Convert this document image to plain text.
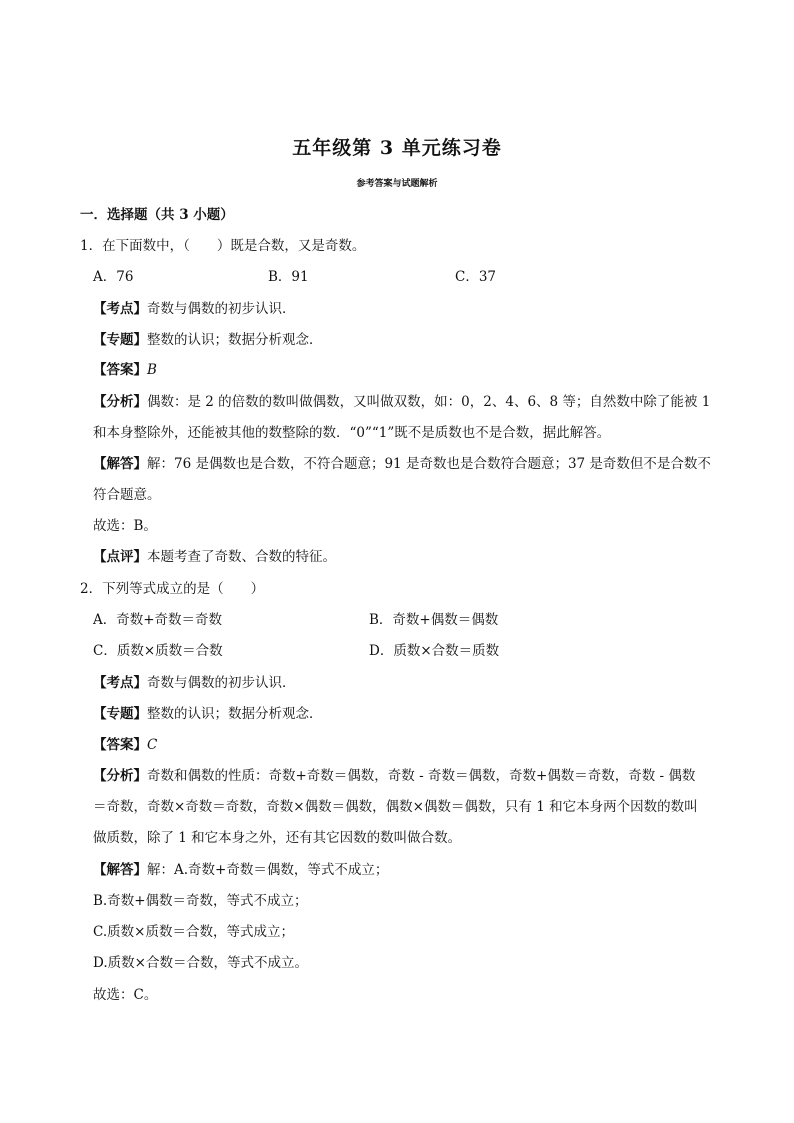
五年级第 3 单元练习卷
参考答案与试题解析
一．选择题（共 3 小题）
1．在下面数中，（　　）既是合数，又是奇数。
A．76	B．91	C．37
【考点】奇数与偶数的初步认识．
【专题】整数的认识；数据分析观念．
【答案】B
【分析】偶数：是 2 的倍数的数叫做偶数，又叫做双数，如：0，2、4、6、8 等；自然数中除了能被 1
和本身整除外，还能被其他的数整除的数．“0”“1”既不是质数也不是合数，据此解答。
【解答】解：76 是偶数也是合数，不符合题意；91 是奇数也是合数符合题意；37 是奇数但不是合数不
符合题意。
故选：B。
【点评】本题考查了奇数、合数的特征。
2．下列等式成立的是（　　）
A．奇数+奇数＝奇数	B．奇数+偶数＝偶数
C．质数×质数＝合数	D．质数×合数＝质数
【考点】奇数与偶数的初步认识．
【专题】整数的认识；数据分析观念．
【答案】C
【分析】奇数和偶数的性质：奇数+奇数＝偶数，奇数 - 奇数＝偶数，奇数+偶数＝奇数，奇数 - 偶数
＝奇数，奇数×奇数＝奇数，奇数×偶数＝偶数，偶数×偶数＝偶数，只有 1 和它本身两个因数的数叫
做质数，除了 1 和它本身之外，还有其它因数的数叫做合数。
【解答】解：A.奇数+奇数＝偶数，等式不成立；
B.奇数+偶数＝奇数，等式不成立；
C.质数×质数＝合数，等式成立；
D.质数×合数＝合数，等式不成立。
故选：C。
